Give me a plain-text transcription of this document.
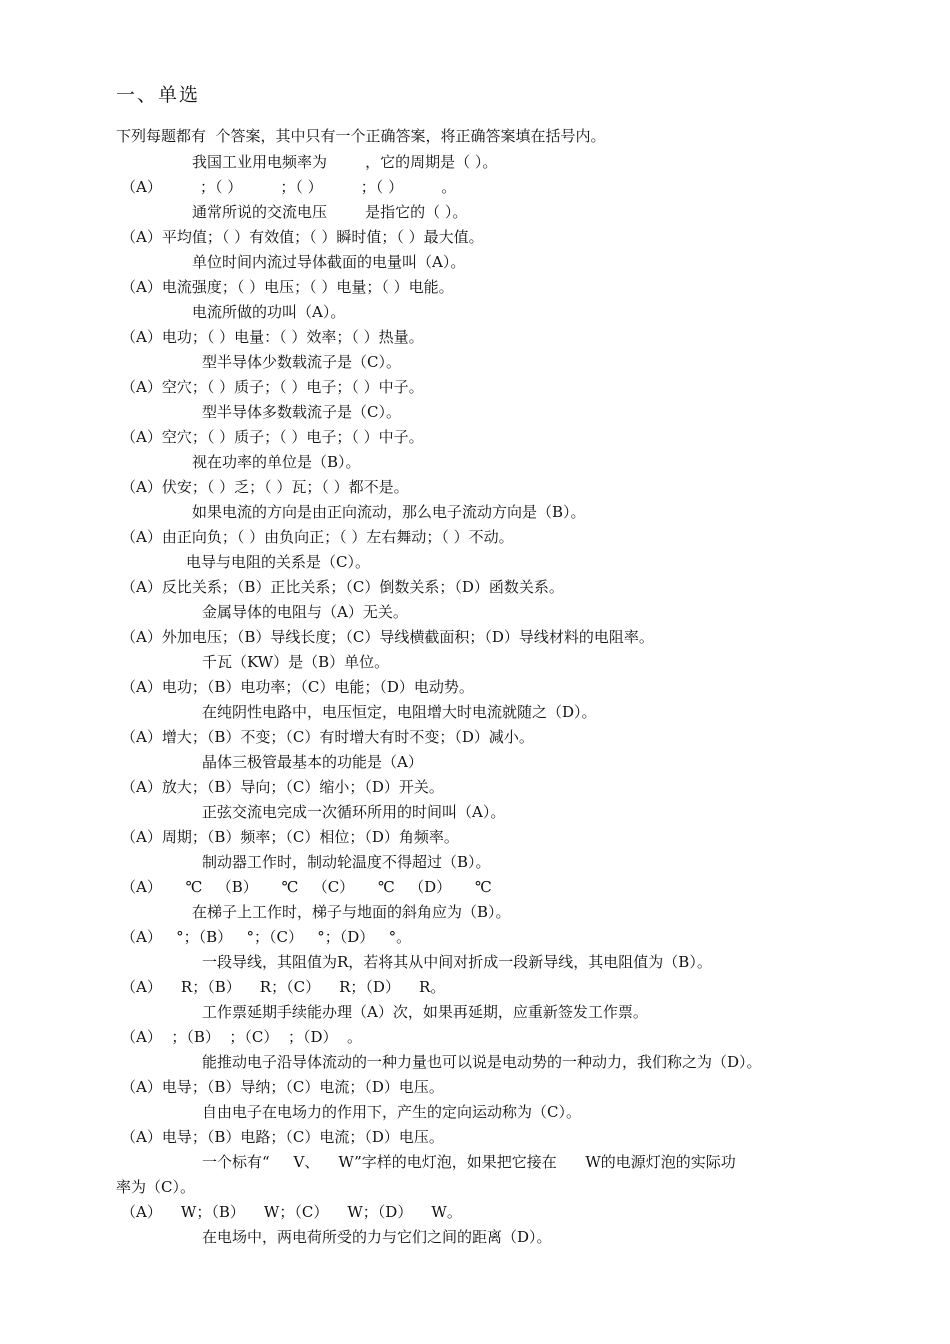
一、单选
下列每题都有  个答案，其中只有一个正确答案，将正确答案填在括号内。
我国工业用电频率为        ，它的周期是（ ）。
（A）        ；（ ）        ；（ ）        ；（ ）        。
通常所说的交流电压        是指它的（ ）。
（A）平均值；（ ）有效值；（ ）瞬时值；（ ）最大值。
单位时间内流过导体截面的电量叫（A）。
（A）电流强度；（ ）电压；（ ）电量；（ ）电能。
电流所做的功叫（A）。
（A）电功；（ ）电量：（ ）效率；（ ）热量。
型半导体少数载流子是（C）。
（A）空穴；（ ）质子；（ ）电子；（ ）中子。
型半导体多数载流子是（C）。
（A）空穴；（ ）质子；（ ）电子；（ ）中子。
视在功率的单位是（B）。
（A）伏安；（ ）乏；（ ）瓦；（ ）都不是。
如果电流的方向是由正向流动，那么电子流动方向是（B）。
（A）由正向负；（ ）由负向正；（ ）左右舞动；（ ）不动。
电导与电阻的关系是（C）。
（A）反比关系；（B）正比关系；（C）倒数关系；（D）函数关系。
金属导体的电阻与（A）无关。
（A）外加电压；（B）导线长度；（C）导线横截面积；（D）导线材料的电阻率。
千瓦（KW）是（B）单位。
（A）电功；（B）电功率；（C）电能；（D）电动势。
在纯阴性电路中，电压恒定，电阻增大时电流就随之（D）。
（A）增大；（B）不变；（C）有时增大有时不变；（D）减小。
晶体三极管最基本的功能是（A）
（A）放大；（B）导向；（C）缩小；（D）开关。
正弦交流电完成一次循环所用的时间叫（A）。
（A）周期；（B）频率；（C）相位；（D）角频率。
制动器工作时，制动轮温度不得超过（B）。
（A）     ℃   （B）     ℃   （C）     ℃   （D）     ℃
在梯子上工作时，梯子与地面的斜角应为（B）。
（A）   °；（B）   °；（C）   °；（D）   °。
一段导线，其阻值为R，若将其从中间对折成一段新导线，其电阻值为（B）。
（A）    R；（B）    R；（C）    R；（D）    R。
工作票延期手续能办理（A）次，如果再延期，应重新签发工作票。
（A）  ；（B）  ；（C）  ；（D）  。
能推动电子沿导体流动的一种力量也可以说是电动势的一种动力，我们称之为（D）。
（A）电导；（B）导纳；（C）电流；（D）电压。
自由电子在电场力的作用下，产生的定向运动称为（C）。
（A）电导；（B）电路；（C）电流；（D）电压。
一个标有“     V、    W”字样的电灯泡，如果把它接在      W的电源灯泡的实际功
率为（C）。
（A）    W；（B）    W；（C）    W；（D）    W。
在电场中，两电荷所受的力与它们之间的距离（D）。
